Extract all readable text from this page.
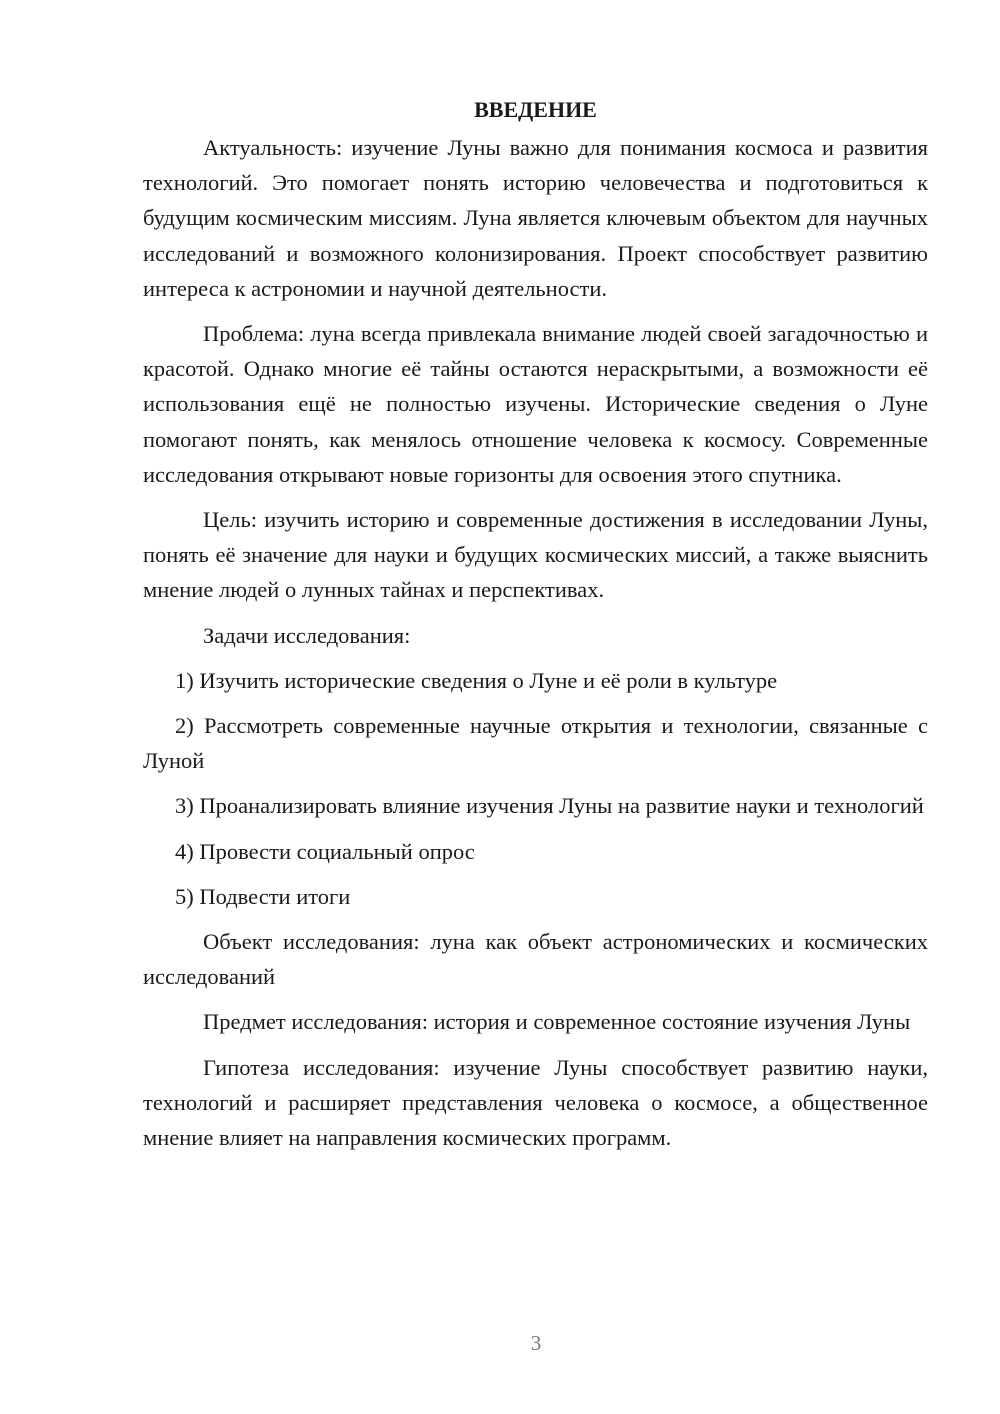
ВВЕДЕНИЕ

Актуальность: изучение Луны важно для понимания космоса и развития технологий. Это помогает понять историю человечества и подготовиться к будущим космическим миссиям. Луна является ключевым объектом для научных исследований и возможного колонизирования. Проект способствует развитию интереса к астрономии и научной деятельности.

Проблема: луна всегда привлекала внимание людей своей загадочностью и красотой. Однако многие её тайны остаются нераскрытыми, а возможности её использования ещё не полностью изучены. Исторические сведения о Луне помогают понять, как менялось отношение человека к космосу. Современные исследования открывают новые горизонты для освоения этого спутника.

Цель: изучить историю и современные достижения в исследовании Луны, понять её значение для науки и будущих космических миссий, а также выяснить мнение людей о лунных тайнах и перспективах.

Задачи исследования:

1) Изучить исторические сведения о Луне и её роли в культуре

2) Рассмотреть современные научные открытия и технологии, связанные с Луной

3) Проанализировать влияние изучения Луны на развитие науки и технологий

4) Провести социальный опрос

5) Подвести итоги

Объект исследования: луна как объект астрономических и космических исследований

Предмет исследования: история и современное состояние изучения Луны

Гипотеза исследования: изучение Луны способствует развитию науки, технологий и расширяет представления человека о космосе, а общественное мнение влияет на направления космических программ.

3
